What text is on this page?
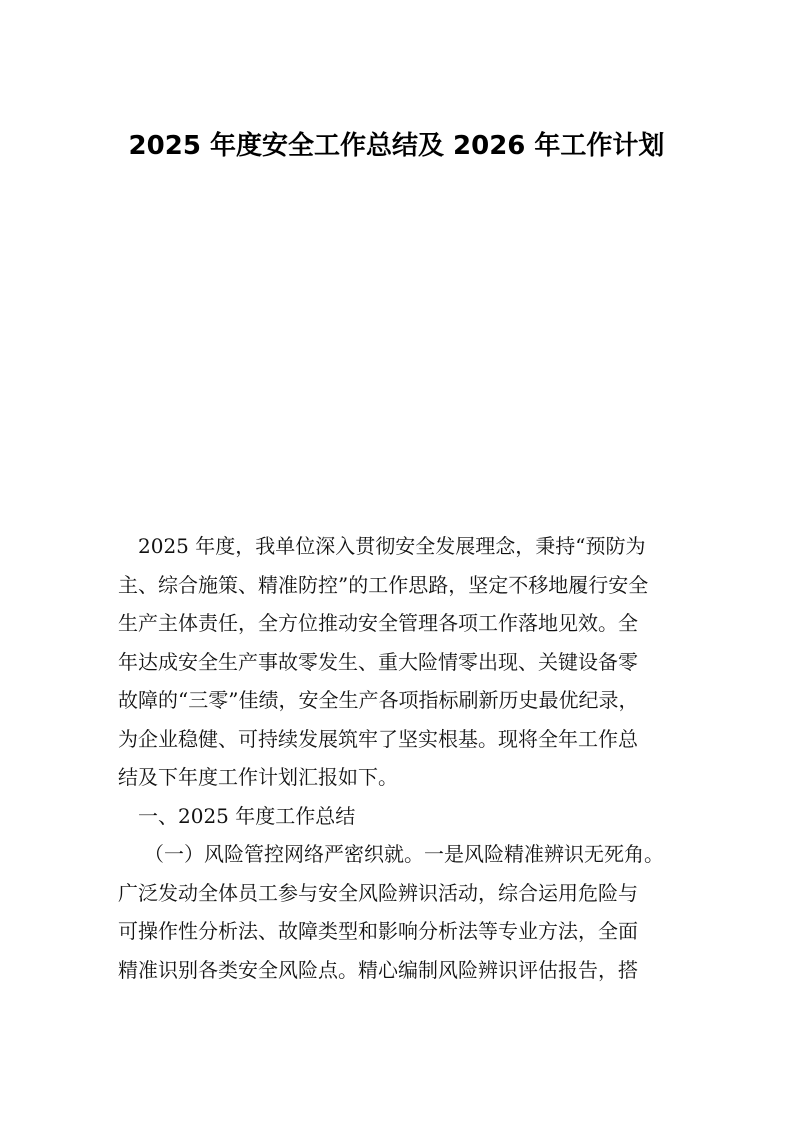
2025 年度安全工作总结及 2026 年工作计划
2025 年度，我单位深入贯彻安全发展理念，秉持“预防为
主、综合施策、精准防控”的工作思路，坚定不移地履行安全
生产主体责任，全方位推动安全管理各项工作落地见效。全
年达成安全生产事故零发生、重大险情零出现、关键设备零
故障的“三零”佳绩，安全生产各项指标刷新历史最优纪录，
为企业稳健、可持续发展筑牢了坚实根基。现将全年工作总
结及下年度工作计划汇报如下。
一、2025 年度工作总结
（一）风险管控网络严密织就。一是风险精准辨识无死角。
广泛发动全体员工参与安全风险辨识活动，综合运用危险与
可操作性分析法、故障类型和影响分析法等专业方法，全面
精准识别各类安全风险点。精心编制风险辨识评估报告，搭
